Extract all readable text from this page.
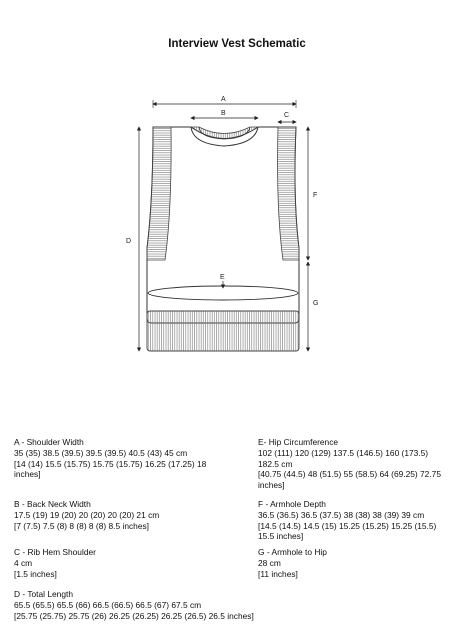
Interview Vest Schematic
A
B	C
D
E
F
G
A - Shoulder Width
35 (35) 38.5 (39.5) 39.5 (39.5) 40.5 (43) 45 cm
[14 (14) 15.5 (15.75) 15.75 (15.75) 16.25 (17.25) 18 inches]
B - Back Neck Width
17.5 (19) 19 (20) 20 (20) 20 (20) 21 cm
[7 (7.5) 7.5 (8) 8 (8) 8 (8) 8.5 inches]
C - Rib Hem Shoulder
4 cm
[1.5 inches]
D - Total Length
65.5 (65.5) 65.5 (66) 66.5 (66.5) 66.5 (67) 67.5 cm
[25.75 (25.75) 25.75 (26) 26.25 (26.25) 26.25 (26.5) 26.5 inches]
E- Hip Circumference
102 (111) 120 (129) 137.5 (146.5) 160 (173.5) 182.5 cm
[40.75 (44.5) 48 (51.5) 55 (58.5) 64 (69.25) 72.75 inches]
F - Armhole Depth
36.5 (36.5) 36.5 (37.5) 38 (38) 38 (39) 39 cm
[14.5 (14.5) 14.5 (15) 15.25 (15.25) 15.25 (15.5) 15.5 inches]
G - Armhole to Hip
28 cm
[11 inches]
